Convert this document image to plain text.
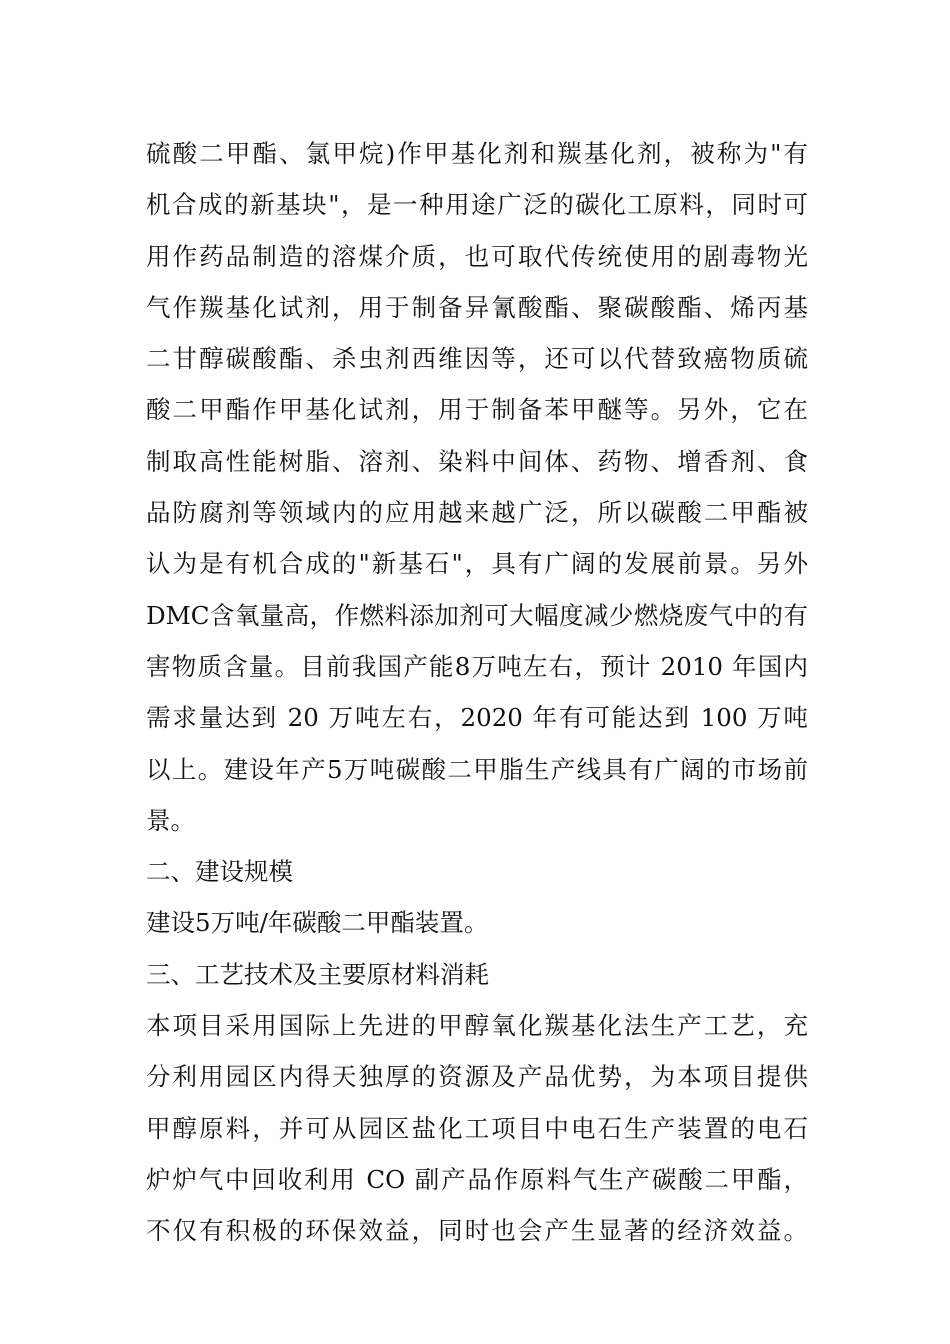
硫酸二甲酯、氯甲烷)作甲基化剂和羰基化剂，被称为"有
机合成的新基块"，是一种用途广泛的碳化工原料，同时可
用作药品制造的溶煤介质，也可取代传统使用的剧毒物光
气作羰基化试剂，用于制备异氰酸酯、聚碳酸酯、烯丙基
二甘醇碳酸酯、杀虫剂西维因等，还可以代替致癌物质硫
酸二甲酯作甲基化试剂，用于制备苯甲醚等。另外，它在
制取高性能树脂、溶剂、染料中间体、药物、增香剂、食
品防腐剂等领域内的应用越来越广泛，所以碳酸二甲酯被
认为是有机合成的"新基石"，具有广阔的发展前景。另外
DMC含氧量高，作燃料添加剂可大幅度减少燃烧废气中的有
害物质含量。目前我国产能8万吨左右，预计 2010 年国内
需求量达到 20 万吨左右，2020 年有可能达到 100 万吨
以上。建设年产5万吨碳酸二甲脂生产线具有广阔的市场前
景。
二、建设规模
建设5万吨/年碳酸二甲酯装置。
三、工艺技术及主要原材料消耗
本项目采用国际上先进的甲醇氧化羰基化法生产工艺，充
分利用园区内得天独厚的资源及产品优势，为本项目提供
甲醇原料，并可从园区盐化工项目中电石生产装置的电石
炉炉气中回收利用 CO 副产品作原料气生产碳酸二甲酯，
不仅有积极的环保效益，同时也会产生显著的经济效益。
